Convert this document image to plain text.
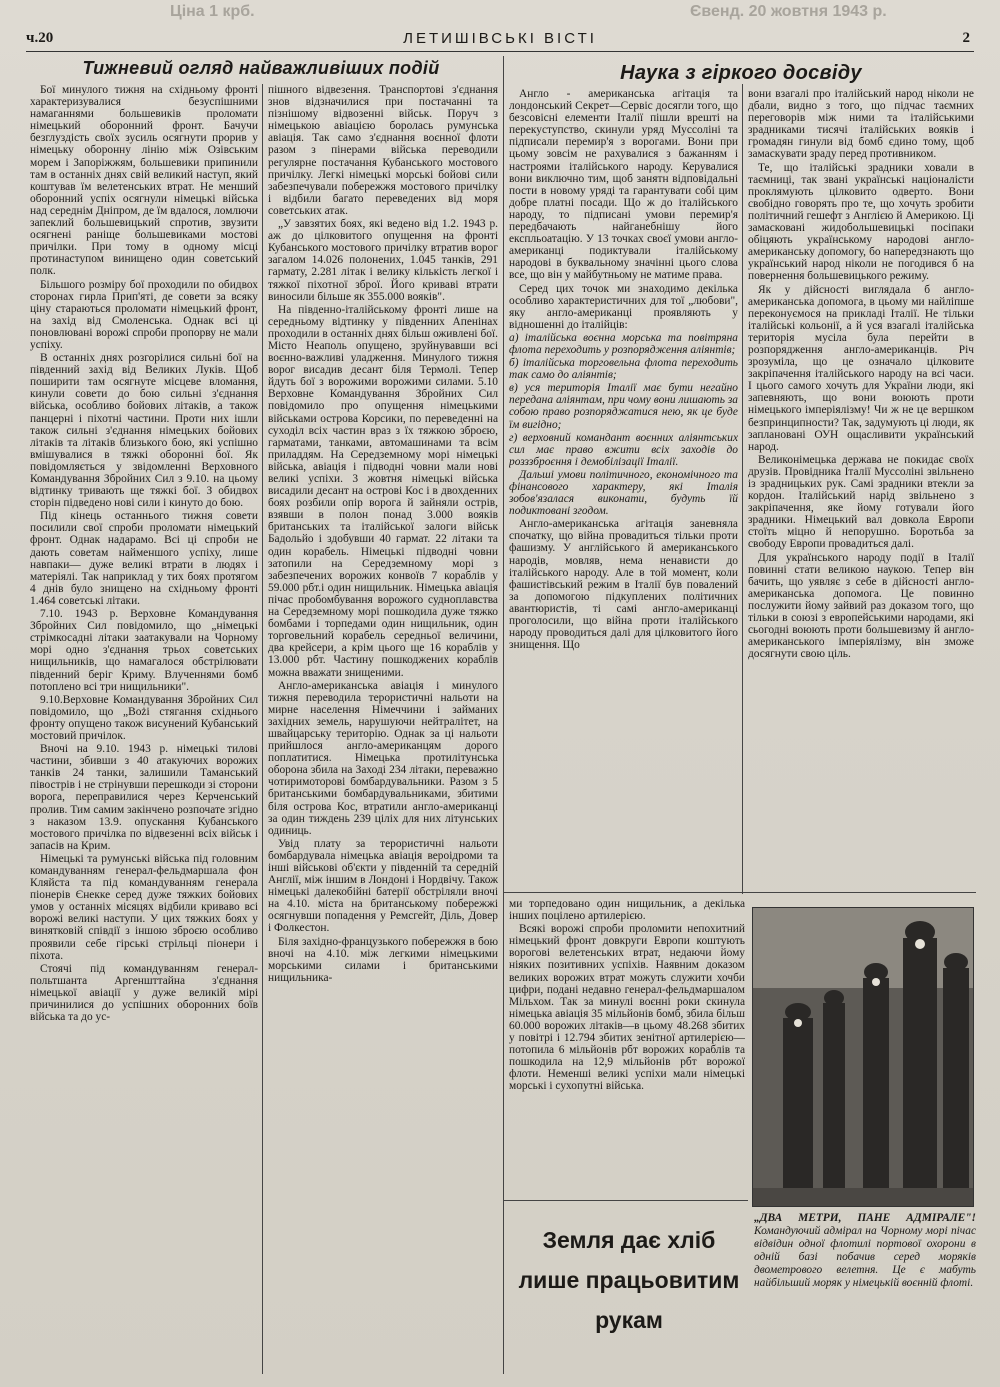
Євенд. 20 жовтня 1943 р.
Ціна 1 крб.
ч.20	ЛЕТИШІВСЬКІ ВІСТІ	2
Тижневий огляд найважливіших подій	Наука з гіркого досвіду

Бої минулого тижня на східньому фронті характеризувалися безуспішними намаганнями большевиків проломати німецький оборонний фронт. Бачучи безглуздість своїх зусиль осягнути прорив у німецьку оборонну лінію між Озівським морем і Запоріжжям, большевики припинили там в останніх днях свій великий наступ, який коштував їм велетенських втрат. Не менший оборонний успіх осягнули німецькі війська над середнім Дніпром, де їм вдалося, ломлючи запеклий большевицький спротив, звузити осягнені раніще большевиками мостові причілки. При тому в одному місці протинаступом винищено один советський полк.

Більшого розміру бої проходили по обидвох сторонах гирла Прип'яті, де совети за всяку ціну стараються проломати німецький фронт, на захід від Смоленська. Однак всі ці поновлювані ворожі спроби пропорву не мали успіху.

В останніх днях розгорілися сильні бої на південний захід від Великих Луків. Щоб поширити там осягнуте місцеве вломання, кинули совети до бою сильні з'єднання війська, особливо бойових літаків, а також панцерні і піхотні частини. Проти них ішли також сильні з'єднання німецьких бойових літаків та літаків близького бою, які успішно вмішувалися в тяжкі оборонні бої. Як повідомляється у звідомленні Верховного Командування Збройних Сил з 9.10. на цьому відтинку тривають ще тяжкі бої. З обидвох сторін підведено нові сили і кинуто до бою.

Під кінець останнього тижня совети посилили свої спроби проломати німецький фронт. Однак надарамо. Всі ці спроби не дають советам найменшого успіху, лише навпаки— дуже великі втрати в людях і матеріялі. Так наприклад у тих боях протягом 4 днів було знищено на східньому фронті 1.464 советські літаки.

7.10. 1943 р. Верховне Командування Збройних Сил повідомило, що „німецькі стрімкосадні літаки заатакували на Чорному морі одно з'єднання трьох советських нищильників, що намагалося обстрілювати південний беріг Криму. Влученнями бомб потоплено всі три нищильники".

9.10.Верховне Командування Збройних Сил повідомило, що „Вożі стягання східнього фронту опущено також висунений Кубанський мостовий причілок.

Вночі на 9.10. 1943 р. німецькі тилові частини, збивши з 40 атакуючих ворожих танків 24 танки, залишили Таманський півострів і не стрінувши перешкоди зі сторони ворога, переправилися через Керченський пролив. Тим самим закінчено розпочате згідно з наказом 13.9. опускання Кубанського мостового причілка по відвезенні всіх військ і запасів на Крим.

Німецькі та румунські війська під головним командуванням генерал-фельдмаршала фон Кляйста та під командуванням генерала піонерів Єнекке серед дуже тяжких бойових умов у останніх місяцях відбили криваво всі ворожі великі наступи. У цих тяжких боях у винятковій співдії з іншою зброєю особливо проявили себе гірські стрільці піонери і піхота.

Стоячі під командуванням генерал-польтшанта Аргеншттайна з'єднання німецької авіації у дуже великій мірі причинилися до успішних оборонних боїв війська та до ус-

пішного відвезення. Транспортові з'єднання знов відзначилися при постачанні та пізнішому відвозенні військ. Поруч з німецькою авіацією боролась румунська авіація. Так само з'єднання воєнної флоти разом з пінерами війська переводили регулярне постачання Кубанського мостового причілку. Легкі німецькі морські бойові сили забезпечували побережжя мостового причілку і відбили багато переведених від моря советських атак.

„У завзятих боях, які ведено від 1.2. 1943 р. аж до цілковитого опущення на фронті Кубанського мостового причілку втратив ворог загалом 14.026 полонених, 1.045 танків, 291 гармату, 2.281 літак і велику кількість легкої і тяжкої піхотної зброї. Його криваві втрати виносили більше як 355.000 вояків".

На південно-італійському фронті лише на середньому відтинку у південних Апенінах проходили в останніх днях більш оживлені бої. Місто Неаполь опущено, зруйнувавши всі воєнно-важливі уладження. Минулого тижня ворог висадив десант біля Термолі. Тепер йдуть бої з ворожими ворожими силами. 5.10 Верховне Командування Збройних Сил повідомило про опущення німецькими військами острова Корсики, по переведенні на суходіл всіх частин враз з їх тяжкою зброєю, гарматами, танками, автомашинами та всім приладдям. На Середземному морі німецькі війська, авіація і підводні човни мали нові великі успіхи. 3 жовтня німецькі війська висадили десант на острові Кос і в двохденних боях розбили опір ворога й зайняли острів, взявши в полон понад 3.000 вояків британських та італійської залоги військ Бадольйо і здобувши 40 гармат. 22 літаки та один корабель. Німецькі підводні човни затопили на Середземному морі з забезпечених ворожих конвоїв 7 кораблів у 59.000 рбт.і один нищильник. Німецька авіація пічас пробомбування ворожого судноплавства на Середземному морі пошкодила дуже тяжко бомбами і торпедами один нищильник, один торговельний корабель середньої величини, два крейсери, а крім цього ще 16 кораблів у 13.000 рбт. Частину пошкоджених кораблів можна вважати знищеними.

Англо-американська авіація і минулого тижня переводила терористичні нальоти на мирне населення Німеччини і займаних західних земель, нарушуючи нейтралітет, на швайцарську територію. Однак за ці нальоти прийшлося англо-американцям дорого поплатитися. Німецька протилітунська оборона збила на Заході 234 літаки, переважно чотиримоторові бомбардувальники. Разом з 5 британськими бомбардувальниками, збитими біля острова Кос, втратили англо-американці за один тиждень 239 ціліх для них літунських одиниць.

Увід плату за терористичні нальоти бомбардувала німецька авіація вероідроми та інші військові об'єкти у південній та середній Англії, між іншим в Лондоні і Нордвічу. Також німецькі далекобійні батерії обстріляли вночі на 4.10. міста на британському побережжі осягнувши попадення у Ремсгейт, Діль, Довер і Фолкестон.

Біля західно-французького побережжя в бою вночі на 4.10. між легкими німецькими морськими силами і британськими нищильника-

Англо - американська агітація та лондонський Секрет—Сервіс досягли того, що безсовісні елементи Італії пішли врешті на перекуступство, скинули уряд Муссоліні та підписали перемир'я з ворогами. Вони при цьому зовсім не рахувалися з бажанням і настроями італійського народу. Керувалися вони виключно тим, щоб занятн відповідальні пости в новому уряді та гарантувати собі цим добре платні посади. Що ж до італійського народу, то підписані умови перемир'я передбачають найганебнішу його експльоатацію. У 13 точках своєї умови англо-американці подиктували італійському народові в буквальному значінні цього слова все, що він у майбутньому не матиме права.

Серед цих точок ми знаходимо декілька особливо характеристичних для тої „любови", яку англо-американці проявляють у відношенні до італійців:

а) італійська воєнна морська та повітряна флота переходить у розпорядження аліянтів;

б) італійська торговельна флота переходить так само до аліянтів;

в) уся територія Італії має бути негайно передана аліянтам, при чому вони лишають за собою право розпоряджатися нею, як це буде їм вигідно;

г) верховний командант воєнних аліянтських сил має право вжити всіх заходів до розззброєння і демобілізації Італії.

Дальші умови політичного, економічного та фінансового характеру, які Італія зобов'язалася виконати, будуть їй подиктовані згодом.

Англо-американська агітація заневняла спочатку, що війна провадиться тільки проти фашизму. У англійського й американського народів, мовляв, нема ненависти до італійського народу. Але в той момент, коли фашистівський режим в Італії був повалений за допомогою підкуплених політичних авантюристів, ті самі англо-американці проголосили, що війна проти італійського народу проводиться далі для цілковитого його знищення. Що

вони взагалі про італійський народ ніколи не дбали, видно з того, що підчас таємних переговорів між ними та італійськими зрадниками тисячі італійських вояків і громадян гинули від бомб єдино тому, щоб замаскувати зраду перед противником.

Те, що італійські зрадники ховали в таємниці, так звані українські націоналісти проклямують цілковито одверто. Вони свобідно говорять про те, що хочуть зробити політичний гешефт з Англією й Америкою. Ці замасковані жидобольшевицькі посіпаки обіцяють українському народові англо-американську допомогу, бо напередзнають що український народ ніколи не погодився б на повернення большевицького режиму.

Як у дійсності виглядала б англо-американська допомога, в цьому ми найліпше переконуємося на прикладі Італії. Не тільки італійські кольонії, а й уся взагалі італійська територія мусіла була перейти в розпорядження англо-американців. Річ зрозуміла, що це означало цілковите закріпачення італійського народу на всі часи. І цього самого хочуть для України люди, які запевняють, що вони воюють проти німецького імперіялізму! Чи ж не це вершком безпринципности? Так, задумують ці люди, як заплановані ОУН ощасливити український народ.

Великонімецька держава не покидає своїх друзів. Провідника Італії Муссоліні звільнено із зрадницьких рук. Самі зрадники втекли за кордон. Італійський нарід звільнено з закріпачення, яке йому готували його зрадники. Німецький вал довкола Европи стоїть міцно й непорушно. Боротьба за свободу Европи провадиться далі.

Для українського народу події в Італії повинні стати великою наукою. Тепер він бачить, що уявляє з себе в дійсності англо-американська допомога. Це повинно послужити йому зайвий раз доказом того, що тільки в союзі з европейськими народами, які сьогодні воюють проти большевизму й англо-американського імперіялізму, він зможе досягнути свою ціль.

ми торпедовано один нищильник, а декілька інших поцілено артилерією.

Всякі ворожі спроби проломити непохитний німецький фронт довкруги Европи коштують ворогові велетенських втрат, недаючи йому ніяких позитивних успіхів. Наявним доказом великих ворожих втрат можуть служити хочби цифри, подані недавно генерал-фельдмаршалом Мільхом. Так за минулі воєнні роки скинула німецька авіація 35 мільйонів бомб, збила більш 60.000 ворожих літаків—в цьому 48.268 збитих у повітрі і 12.794 збитих зенітної артилерією—потопила 6 мільйонів рбт ворожих кораблів та пошкодила на 12,9 мільйонів рбт ворожої флоти. Неменші великі успіхи мали німецькі морські і сухопутні війська.

Земля дає хліб
лише працьовитим
рукам
„ДВА МЕТРИ, ПАНЕ АДМІРАЛЕ"! Командуючий адмірал на Чорному морі пічас відвідин одної флотилі портової охорони в одній базі побачив серед моряків двометрового велетня. Це є мабуть найбільший моряк у німецькій воєнній флоті.
